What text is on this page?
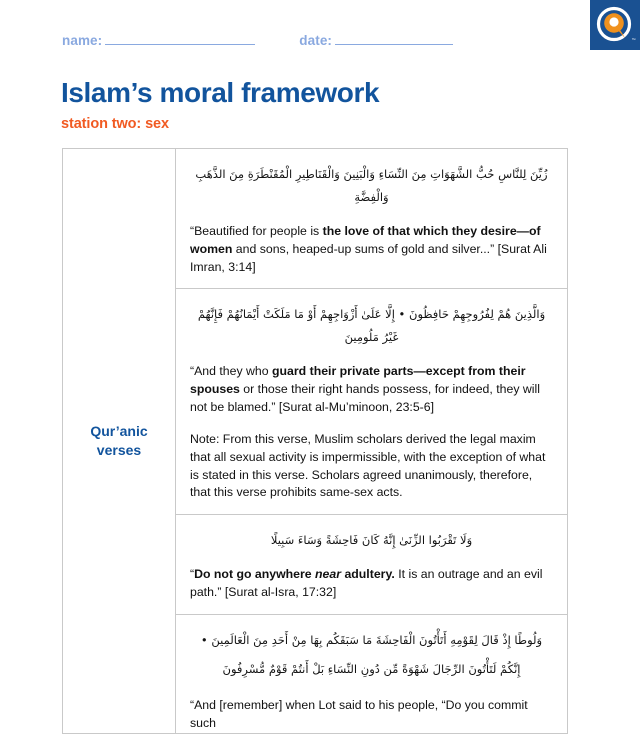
™
name:	date:
Islam’s moral framework
station two: sex
Qur’anic verses	
زُيِّنَ لِلنَّاسِ حُبُّ الشَّهَوَاتِ مِنَ النِّسَاءِ وَالْبَنِينَ وَالْقَنَاطِيرِ الْمُقَنْطَرَةِ مِنَ الذَّهَبِ وَالْفِضَّةِ
“Beautified for people is the love of that which they desire—of women and sons, heaped-up sums of gold and silver...” [Surat Ali Imran, 3:14]

وَالَّذِينَ هُمْ لِفُرُوجِهِمْ حَافِظُونَ • إِلَّا عَلَىٰ أَزْوَاجِهِمْ أَوْ مَا مَلَكَتْ أَيْمَانُهُمْ فَإِنَّهُمْ غَيْرُ مَلُومِينَ
“And they who guard their private parts—except from their spouses or those their right hands possess, for indeed, they will not be blamed.” [Surat al-Mu’minoon, 23:5-6]
Note: From this verse, Muslim scholars derived the legal maxim that all sexual activity is impermissible, with the exception of what is stated in this verse. Scholars agreed unanimously, therefore, that this verse prohibits same-sex acts.

وَلَا تَقْرَبُوا الزِّنَىٰ إِنَّهُ كَانَ فَاحِشَةً وَسَاءَ سَبِيلًا
“Do not go anywhere near adultery. It is an outrage and an evil path.” [Surat al-Isra, 17:32]

وَلُوطًا إِذْ قَالَ لِقَوْمِهِ أَتَأْتُونَ الْفَاحِشَةَ مَا سَبَقَكُم بِهَا مِنْ أَحَدِ مِنَ الْعَالَمِينَ •
إِنَّكُمْ لَتَأْتُونَ الرِّجَالَ شَهْوَةً مِّن دُونِ النِّسَاءِ بَلْ أَنتُمْ قَوْمٌ مُّسْرِفُونَ
“And [remember] when Lot said to his people, “Do you commit such
